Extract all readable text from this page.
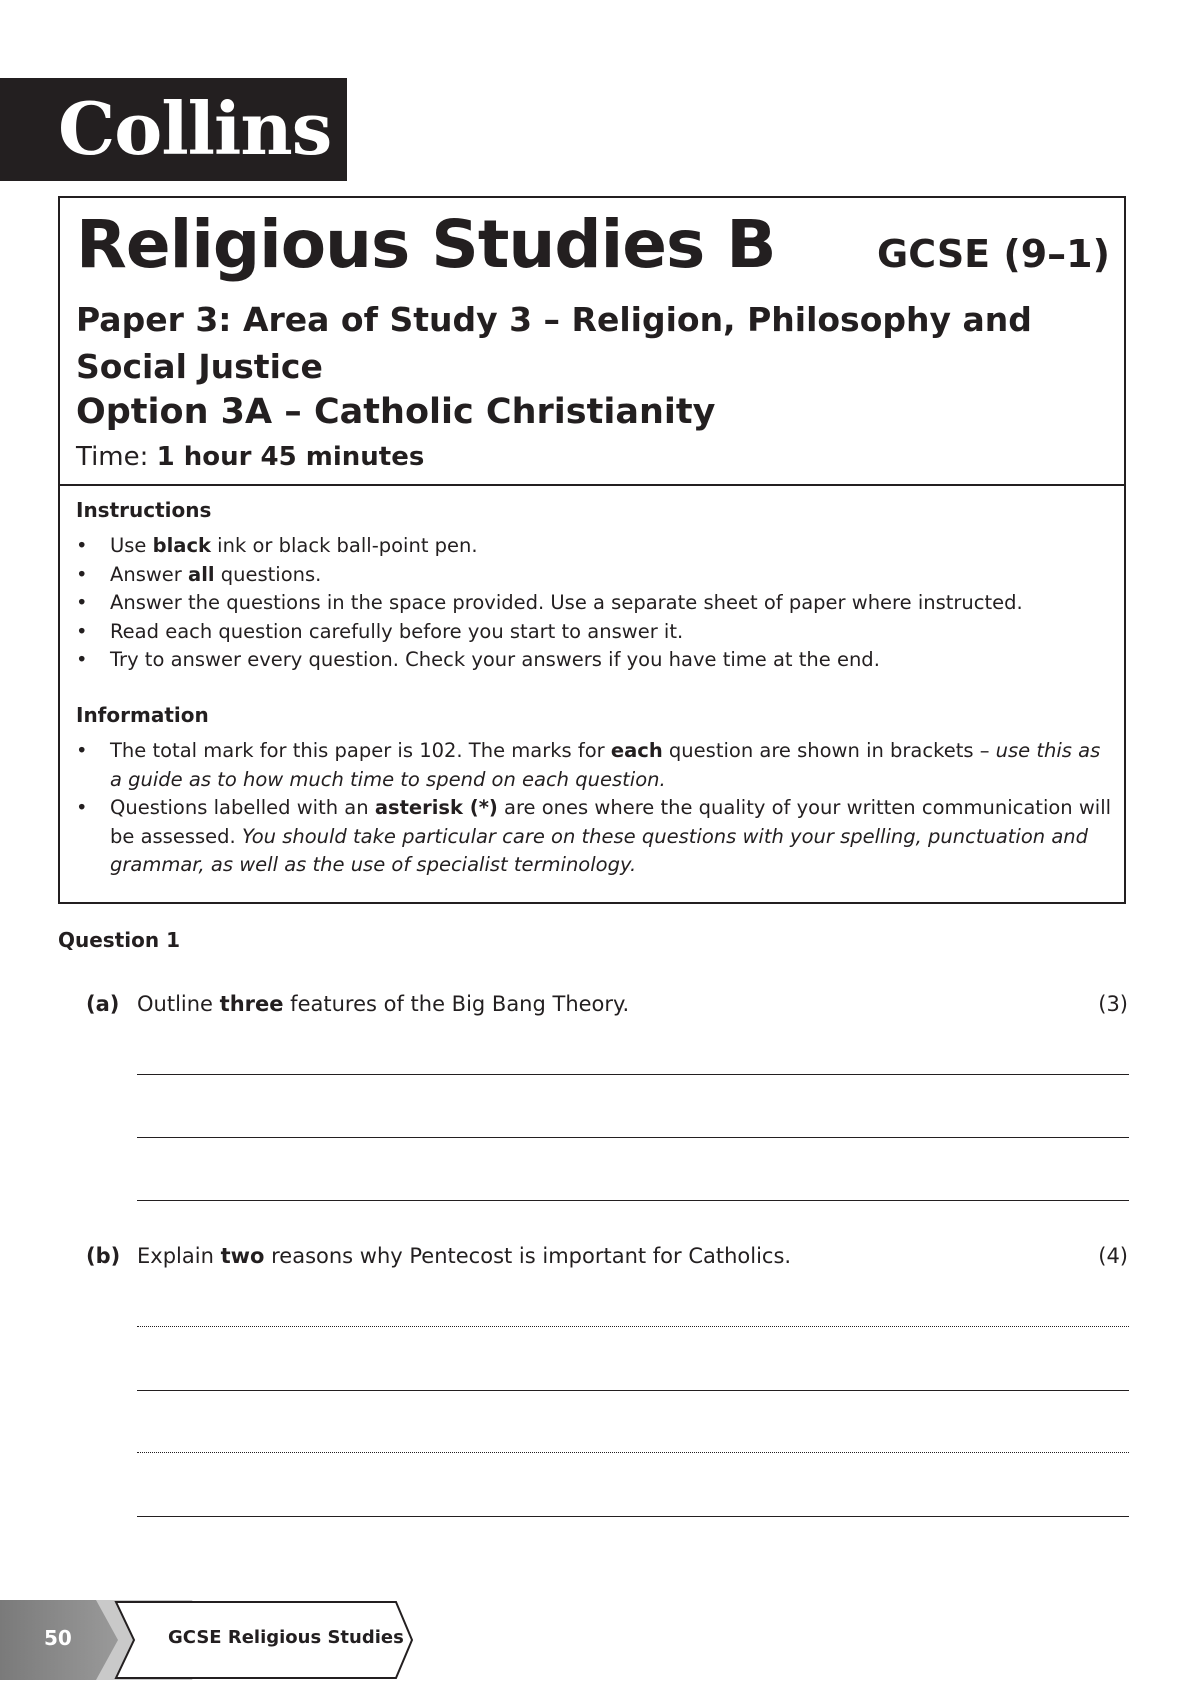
Collins
Religious Studies B	GCSE (9–1)
Paper 3: Area of Study 3 – Religion, Philosophy and
Social Justice
Option 3A – Catholic Christianity
Time: 1 hour 45 minutes
Instructions
• Use black ink or black ball-point pen.
• Answer all questions.
• Answer the questions in the space provided. Use a separate sheet of paper where instructed.
• Read each question carefully before you start to answer it.
• Try to answer every question. Check your answers if you have time at the end.
Information
• The total mark for this paper is 102. The marks for each question are shown in brackets – use this as a guide as to how much time to spend on each question.
• Questions labelled with an asterisk (*) are ones where the quality of your written communication will be assessed. You should take particular care on these questions with your spelling, punctuation and grammar, as well as the use of specialist terminology.
Question 1
(a) Outline three features of the Big Bang Theory.	(3)
(b) Explain two reasons why Pentecost is important for Catholics.	(4)
50	GCSE Religious Studies
